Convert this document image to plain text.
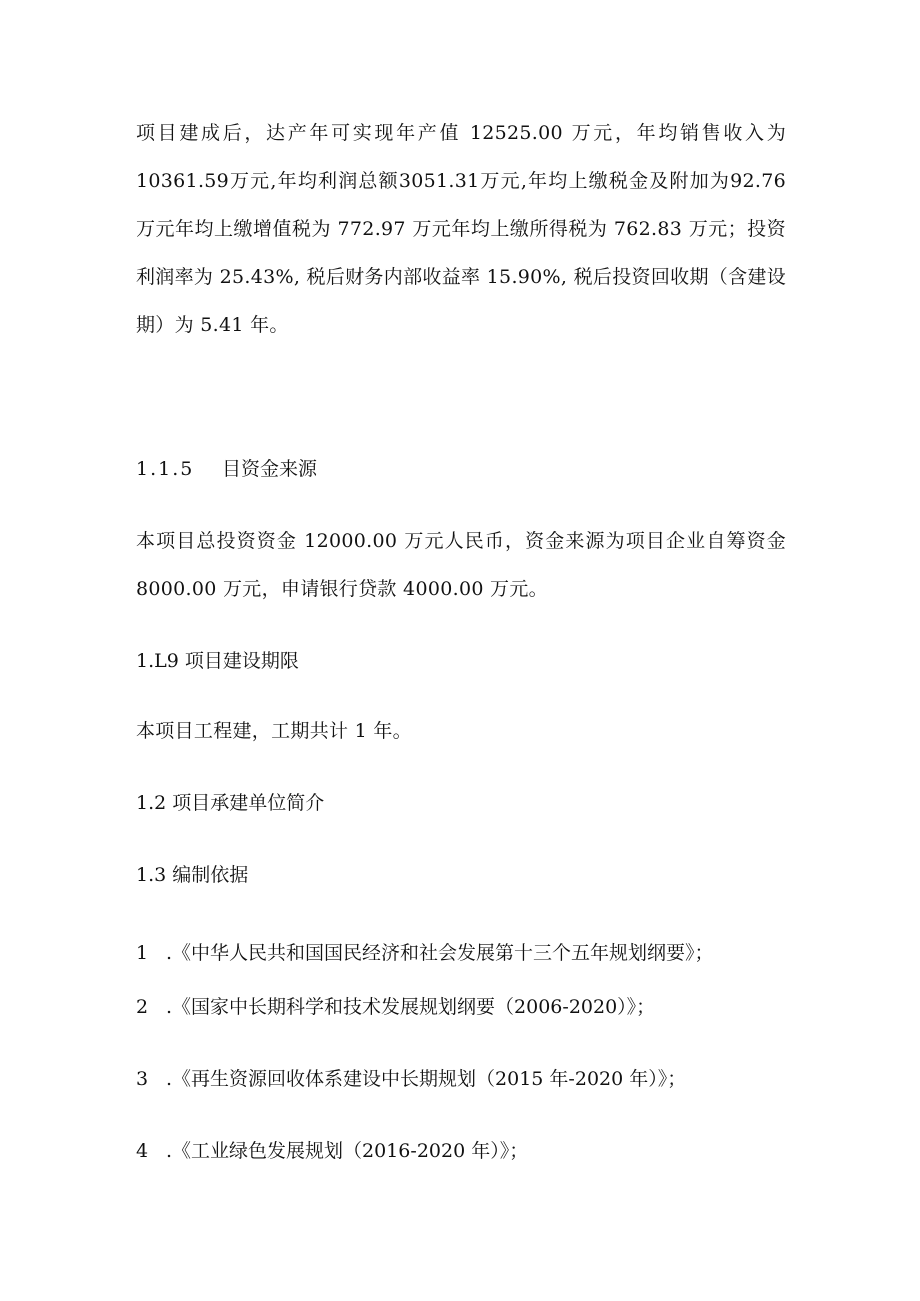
项目建成后，达产年可实现年产值 12525.00 万元，年均销售收入为
10361.59万元,年均利润总额3051.31万元,年均上缴税金及附加为92.76
万元年均上缴增值税为 772.97 万元年均上缴所得税为 762.83 万元；投资
利润率为 25.43%, 税后财务内部收益率 15.90%, 税后投资回收期（含建设
期）为 5.41 年。
1.1.5 目资金来源
本项目总投资资金 12000.00 万元人民币，资金来源为项目企业自筹资金
8000.00 万元，申请银行贷款 4000.00 万元。
1.L9 项目建设期限
本项目工程建，工期共计 1 年。
1.2 项目承建单位简介
1.3 编制依据
1 .《中华人民共和国国民经济和社会发展第十三个五年规划纲要》；
2 .《国家中长期科学和技术发展规划纲要（2006-2020）》；
3 .《再生资源回收体系建设中长期规划（2015 年-2020 年）》；
4 .《工业绿色发展规划（2016-2020 年）》；
